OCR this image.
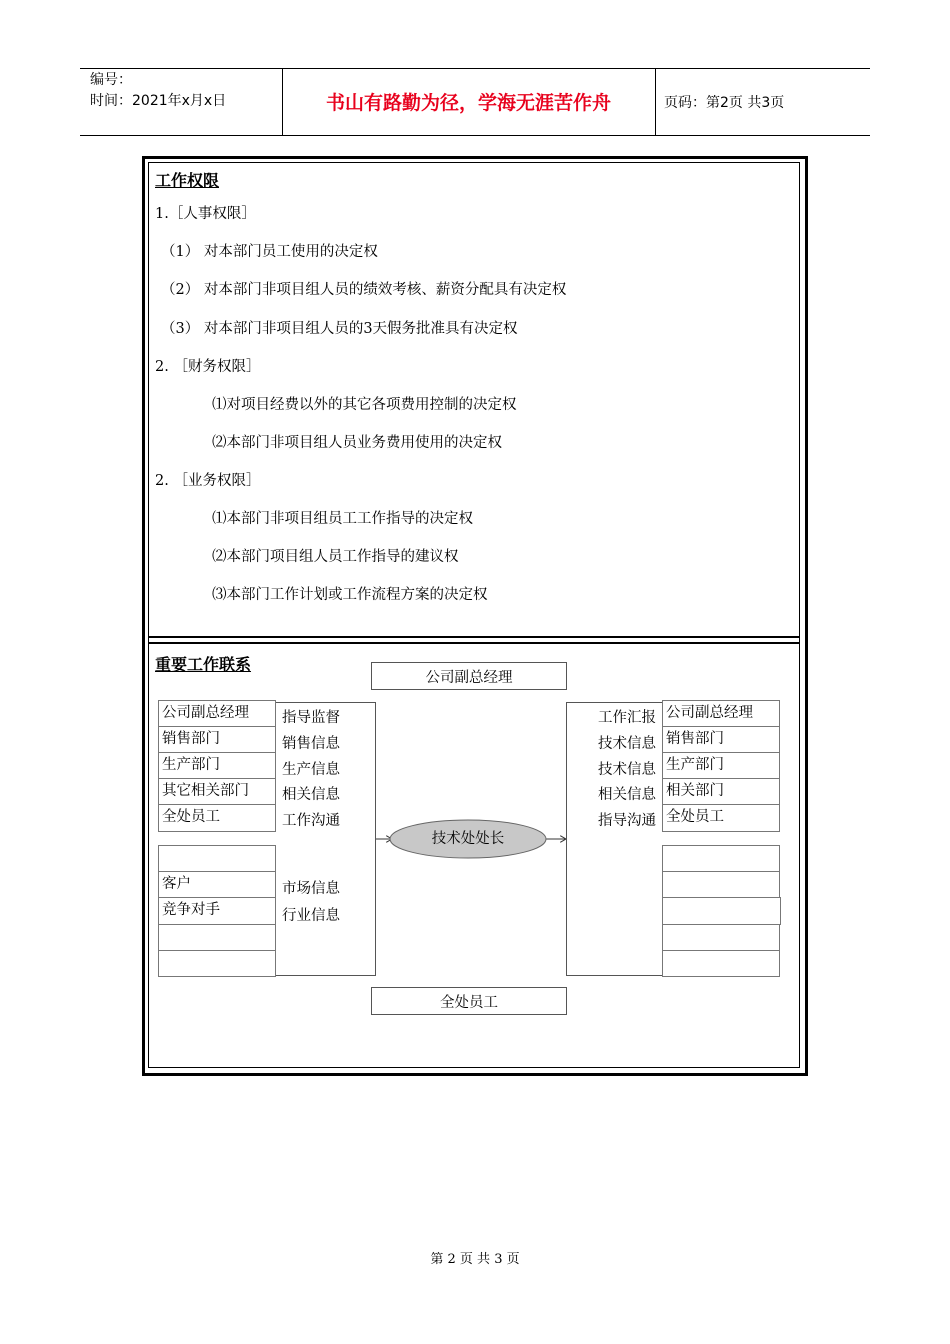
编号：
时间：2021年x月x日	书山有路勤为径，学海无涯苦作舟	页码：第2页 共3页
工作权限
1.［人事权限］
（1） 对本部门员工使用的决定权
（2） 对本部门非项目组人员的绩效考核、薪资分配具有决定权
（3） 对本部门非项目组人员的3天假务批准具有决定权
2. ［财务权限］
⑴对项目经费以外的其它各项费用控制的决定权
⑵本部门非项目组人员业务费用使用的决定权
2. ［业务权限］
⑴本部门非项目组员工工作指导的决定权
⑵本部门项目组人员工作指导的建议权
⑶本部门工作计划或工作流程方案的决定权
重要工作联系
公司副总经理
全处员工
技术处处长
指导监督
销售信息
生产信息
相关信息
工作沟通
市场信息
行业信息
公司副总经理
销售部门
生产部门
其它相关部门
全处员工
客户
竞争对手
工作汇报
技术信息
技术信息
相关信息
指导沟通
公司副总经理
销售部门
生产部门
相关部门
全处员工
第 2 页 共 3 页
